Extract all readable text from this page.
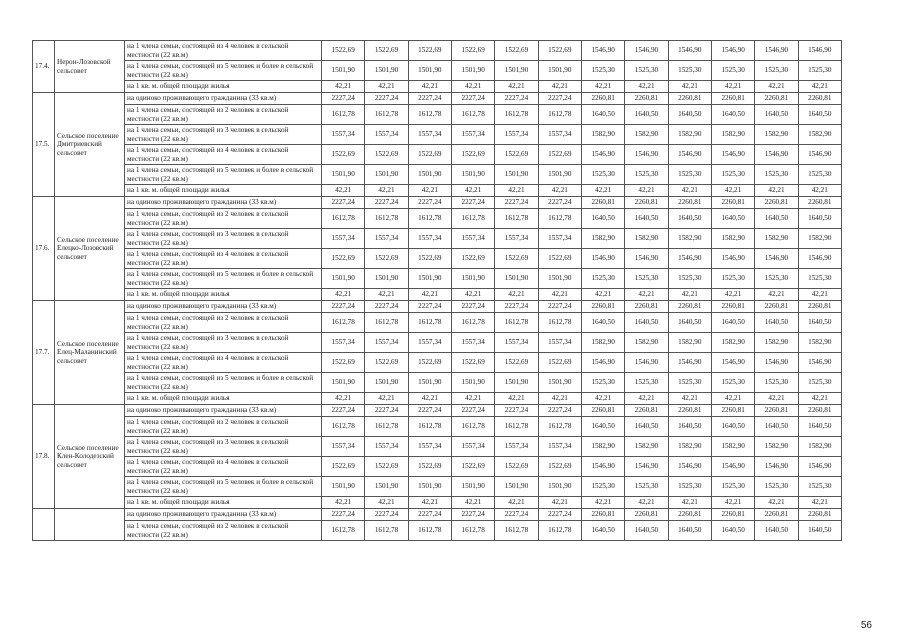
17.4.	Нерон-Лозовской сельсовет	на 1 члена семьи, состоящей из 4 человек в сельской местности (22 кв.м)	1522,69	1522,69	1522,69	1522,69	1522,69	1522,69	1546,90	1546,90	1546,90	1546,90	1546,90	1546,90
		на 1 члена семьи, состоящей из 5 человек и более в сельской местности (22 кв.м)	1501,90	1501,90	1501,90	1501,90	1501,90	1501,90	1525,30	1525,30	1525,30	1525,30	1525,30	1525,30
		на 1 кв. м. общей площади жилья	42,21	42,21	42,21	42,21	42,21	42,21	42,21	42,21	42,21	42,21	42,21	42,21
17.5.	Сельское поселение Дмитриевский сельсовет	на одиноко проживающего гражданина (33 кв.м)	2227,24	2227,24	2227,24	2227,24	2227,24	2227,24	2260,81	2260,81	2260,81	2260,81	2260,81	2260,81
		на 1 члена семьи, состоящей из 2 человек в сельской местности (22 кв.м)	1612,78	1612,78	1612,78	1612,78	1612,78	1612,78	1640,50	1640,50	1640,50	1640,50	1640,50	1640,50
		на 1 члена семьи, состоящей из 3 человек в сельской местности (22 кв.м)	1557,34	1557,34	1557,34	1557,34	1557,34	1557,34	1582,90	1582,90	1582,90	1582,90	1582,90	1582,90
		на 1 члена семьи, состоящей из 4 человек в сельской местности (22 кв.м)	1522,69	1522,69	1522,69	1522,69	1522,69	1522,69	1546,90	1546,90	1546,90	1546,90	1546,90	1546,90
		на 1 члена семьи, состоящей из 5 человек и более в сельской местности (22 кв.м)	1501,90	1501,90	1501,90	1501,90	1501,90	1501,90	1525,30	1525,30	1525,30	1525,30	1525,30	1525,30
		на 1 кв. м. общей площади жилья	42,21	42,21	42,21	42,21	42,21	42,21	42,21	42,21	42,21	42,21	42,21	42,21
17.6.	Сельское поселение Елецко-Лозовский сельсовет	на одиноко проживающего гражданина (33 кв.м)	2227,24	2227,24	2227,24	2227,24	2227,24	2227,24	2260,81	2260,81	2260,81	2260,81	2260,81	2260,81
		на 1 члена семьи, состоящей из 2 человек в сельской местности (22 кв.м)	1612,78	1612,78	1612,78	1612,78	1612,78	1612,78	1640,50	1640,50	1640,50	1640,50	1640,50	1640,50
		на 1 члена семьи, состоящей из 3 человек в сельской местности (22 кв.м)	1557,34	1557,34	1557,34	1557,34	1557,34	1557,34	1582,90	1582,90	1582,90	1582,90	1582,90	1582,90
		на 1 члена семьи, состоящей из 4 человек в сельской местности (22 кв.м)	1522,69	1522,69	1522,69	1522,69	1522,69	1522,69	1546,90	1546,90	1546,90	1546,90	1546,90	1546,90
		на 1 члена семьи, состоящей из 5 человек и более в сельской местности (22 кв.м)	1501,90	1501,90	1501,90	1501,90	1501,90	1501,90	1525,30	1525,30	1525,30	1525,30	1525,30	1525,30
		на 1 кв. м. общей площади жилья	42,21	42,21	42,21	42,21	42,21	42,21	42,21	42,21	42,21	42,21	42,21	42,21
17.7.	Сельское поселение Елец-Маланинский сельсовет	на одиноко проживающего гражданина (33 кв.м)	2227,24	2227,24	2227,24	2227,24	2227,24	2227,24	2260,81	2260,81	2260,81	2260,81	2260,81	2260,81
		на 1 члена семьи, состоящей из 2 человек в сельской местности (22 кв.м)	1612,78	1612,78	1612,78	1612,78	1612,78	1612,78	1640,50	1640,50	1640,50	1640,50	1640,50	1640,50
		на 1 члена семьи, состоящей из 3 человек в сельской местности (22 кв.м)	1557,34	1557,34	1557,34	1557,34	1557,34	1557,34	1582,90	1582,90	1582,90	1582,90	1582,90	1582,90
		на 1 члена семьи, состоящей из 4 человек в сельской местности (22 кв.м)	1522,69	1522,69	1522,69	1522,69	1522,69	1522,69	1546,90	1546,90	1546,90	1546,90	1546,90	1546,90
		на 1 члена семьи, состоящей из 5 человек и более в сельской местности (22 кв.м)	1501,90	1501,90	1501,90	1501,90	1501,90	1501,90	1525,30	1525,30	1525,30	1525,30	1525,30	1525,30
		на 1 кв. м. общей площади жилья	42,21	42,21	42,21	42,21	42,21	42,21	42,21	42,21	42,21	42,21	42,21	42,21
17.8.	Сельское поселение Клен-Колодезский сельсовет	на одиноко проживающего гражданина (33 кв.м)	2227,24	2227,24	2227,24	2227,24	2227,24	2227,24	2260,81	2260,81	2260,81	2260,81	2260,81	2260,81
		на 1 члена семьи, состоящей из 2 человек в сельской местности (22 кв.м)	1612,78	1612,78	1612,78	1612,78	1612,78	1612,78	1640,50	1640,50	1640,50	1640,50	1640,50	1640,50
		на 1 члена семьи, состоящей из 3 человек в сельской местности (22 кв.м)	1557,34	1557,34	1557,34	1557,34	1557,34	1557,34	1582,90	1582,90	1582,90	1582,90	1582,90	1582,90
		на 1 члена семьи, состоящей из 4 человек в сельской местности (22 кв.м)	1522,69	1522,69	1522,69	1522,69	1522,69	1522,69	1546,90	1546,90	1546,90	1546,90	1546,90	1546,90
		на 1 члена семьи, состоящей из 5 человек и более в сельской местности (22 кв.м)	1501,90	1501,90	1501,90	1501,90	1501,90	1501,90	1525,30	1525,30	1525,30	1525,30	1525,30	1525,30
		на 1 кв. м. общей площади жилья	42,21	42,21	42,21	42,21	42,21	42,21	42,21	42,21	42,21	42,21	42,21	42,21
		на одиноко проживающего гражданина (33 кв.м)	2227,24	2227,24	2227,24	2227,24	2227,24	2227,24	2260,81	2260,81	2260,81	2260,81	2260,81	2260,81
		на 1 члена семьи, состоящей из 2 человек в сельской местности (22 кв.м)	1612,78	1612,78	1612,78	1612,78	1612,78	1612,78	1640,50	1640,50	1640,50	1640,50	1640,50	1640,50
56
